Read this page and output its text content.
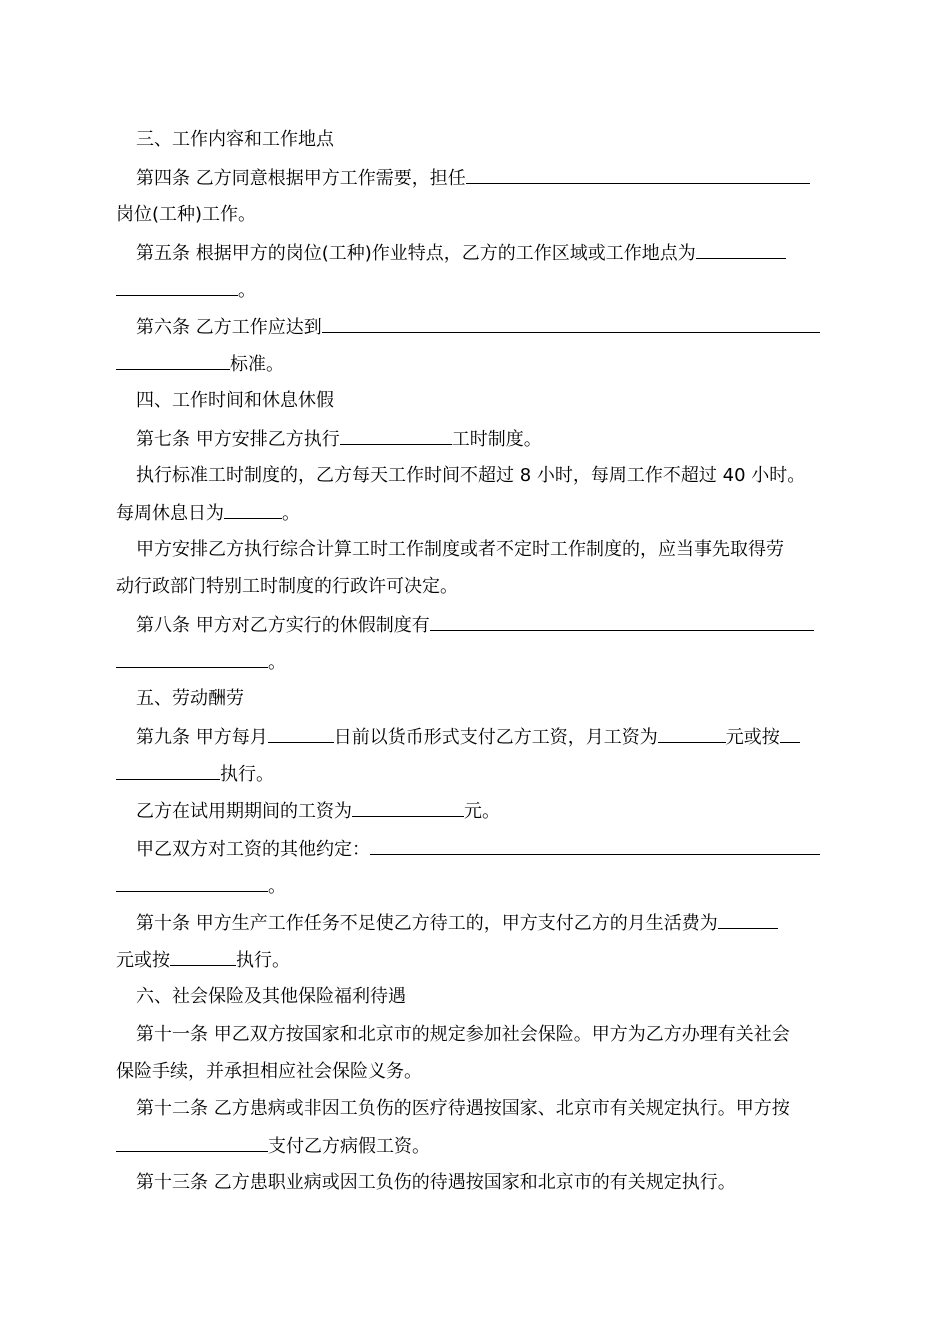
三、工作内容和工作地点
第四条 乙方同意根据甲方工作需要，担任
岗位(工种)工作。
第五条 根据甲方的岗位(工种)作业特点，乙方的工作区域或工作地点为
。
第六条 乙方工作应达到
标准。
四、工作时间和休息休假
第七条 甲方安排乙方执行	工时制度。
执行标准工时制度的，乙方每天工作时间不超过 8 小时，每周工作不超过 40 小时。
每周休息日为	。
甲方安排乙方执行综合计算工时工作制度或者不定时工作制度的，应当事先取得劳
动行政部门特别工时制度的行政许可决定。
第八条 甲方对乙方实行的休假制度有
。
五、劳动酬劳
第九条 甲方每月	日前以货币形式支付乙方工资，月工资为	元或按
执行。
乙方在试用期期间的工资为	元。
甲乙双方对工资的其他约定：
。
第十条 甲方生产工作任务不足使乙方待工的，甲方支付乙方的月生活费为
元或按	执行。
六、社会保险及其他保险福利待遇
第十一条 甲乙双方按国家和北京市的规定参加社会保险。甲方为乙方办理有关社会
保险手续，并承担相应社会保险义务。
第十二条 乙方患病或非因工负伤的医疗待遇按国家、北京市有关规定执行。甲方按
支付乙方病假工资。
第十三条 乙方患职业病或因工负伤的待遇按国家和北京市的有关规定执行。
